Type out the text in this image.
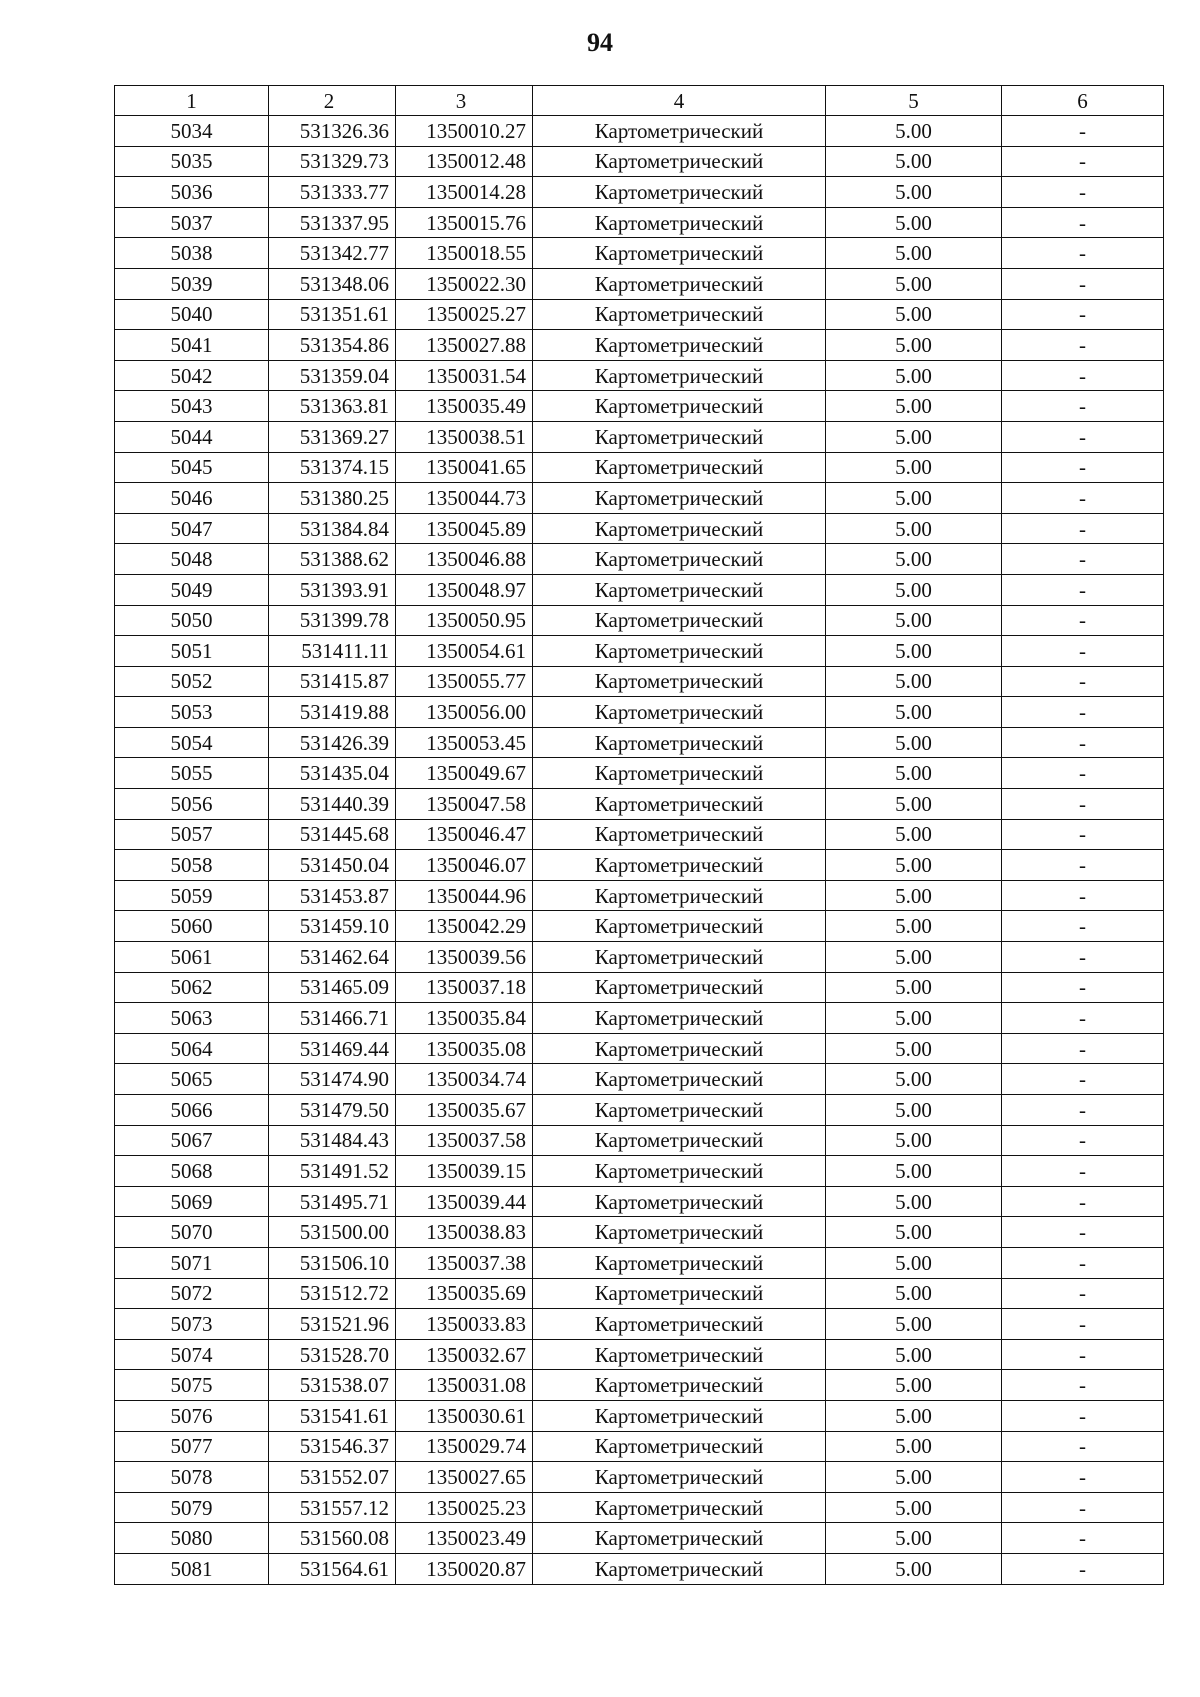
94
1	2	3	4	5	6
5034	531326.36	1350010.27	Картометрический	5.00	-
5035	531329.73	1350012.48	Картометрический	5.00	-
5036	531333.77	1350014.28	Картометрический	5.00	-
5037	531337.95	1350015.76	Картометрический	5.00	-
5038	531342.77	1350018.55	Картометрический	5.00	-
5039	531348.06	1350022.30	Картометрический	5.00	-
5040	531351.61	1350025.27	Картометрический	5.00	-
5041	531354.86	1350027.88	Картометрический	5.00	-
5042	531359.04	1350031.54	Картометрический	5.00	-
5043	531363.81	1350035.49	Картометрический	5.00	-
5044	531369.27	1350038.51	Картометрический	5.00	-
5045	531374.15	1350041.65	Картометрический	5.00	-
5046	531380.25	1350044.73	Картометрический	5.00	-
5047	531384.84	1350045.89	Картометрический	5.00	-
5048	531388.62	1350046.88	Картометрический	5.00	-
5049	531393.91	1350048.97	Картометрический	5.00	-
5050	531399.78	1350050.95	Картометрический	5.00	-
5051	531411.11	1350054.61	Картометрический	5.00	-
5052	531415.87	1350055.77	Картометрический	5.00	-
5053	531419.88	1350056.00	Картометрический	5.00	-
5054	531426.39	1350053.45	Картометрический	5.00	-
5055	531435.04	1350049.67	Картометрический	5.00	-
5056	531440.39	1350047.58	Картометрический	5.00	-
5057	531445.68	1350046.47	Картометрический	5.00	-
5058	531450.04	1350046.07	Картометрический	5.00	-
5059	531453.87	1350044.96	Картометрический	5.00	-
5060	531459.10	1350042.29	Картометрический	5.00	-
5061	531462.64	1350039.56	Картометрический	5.00	-
5062	531465.09	1350037.18	Картометрический	5.00	-
5063	531466.71	1350035.84	Картометрический	5.00	-
5064	531469.44	1350035.08	Картометрический	5.00	-
5065	531474.90	1350034.74	Картометрический	5.00	-
5066	531479.50	1350035.67	Картометрический	5.00	-
5067	531484.43	1350037.58	Картометрический	5.00	-
5068	531491.52	1350039.15	Картометрический	5.00	-
5069	531495.71	1350039.44	Картометрический	5.00	-
5070	531500.00	1350038.83	Картометрический	5.00	-
5071	531506.10	1350037.38	Картометрический	5.00	-
5072	531512.72	1350035.69	Картометрический	5.00	-
5073	531521.96	1350033.83	Картометрический	5.00	-
5074	531528.70	1350032.67	Картометрический	5.00	-
5075	531538.07	1350031.08	Картометрический	5.00	-
5076	531541.61	1350030.61	Картометрический	5.00	-
5077	531546.37	1350029.74	Картометрический	5.00	-
5078	531552.07	1350027.65	Картометрический	5.00	-
5079	531557.12	1350025.23	Картометрический	5.00	-
5080	531560.08	1350023.49	Картометрический	5.00	-
5081	531564.61	1350020.87	Картометрический	5.00	-
